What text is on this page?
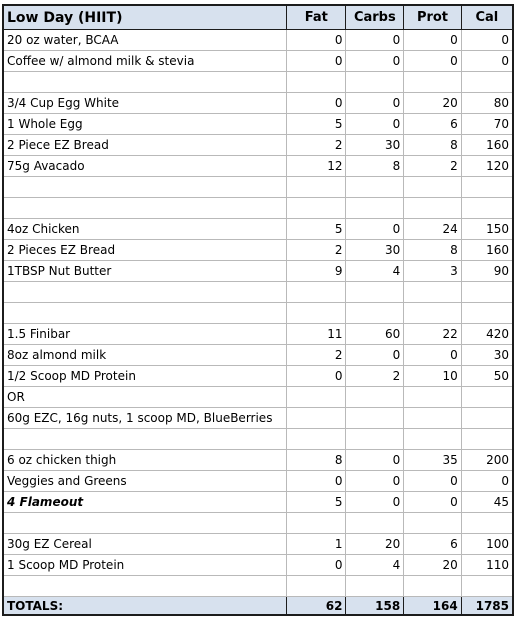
Low Day (HIIT)	Fat	Carbs	Prot	Cal
20 oz water, BCAA	0	0	0	0
Coffee w/ almond milk & stevia	0	0	0	0

3/4 Cup Egg White	0	0	20	80
1 Whole Egg	5	0	6	70
2 Piece EZ Bread	2	30	8	160
75g Avacado	12	8	2	120

4oz Chicken	5	0	24	150
2 Pieces EZ Bread	2	30	8	160
1TBSP Nut Butter	9	4	3	90

1.5 Finibar	11	60	22	420
8oz almond milk	2	0	0	30
1/2 Scoop MD Protein	0	2	10	50
OR				
60g EZC, 16g nuts, 1 scoop MD, BlueBerries				

6 oz chicken thigh	8	0	35	200
Veggies and Greens	0	0	0	0
4 Flameout	5	0	0	45

30g EZ Cereal	1	20	6	100
1 Scoop MD Protein	0	4	20	110

TOTALS:	62	158	164	1785
